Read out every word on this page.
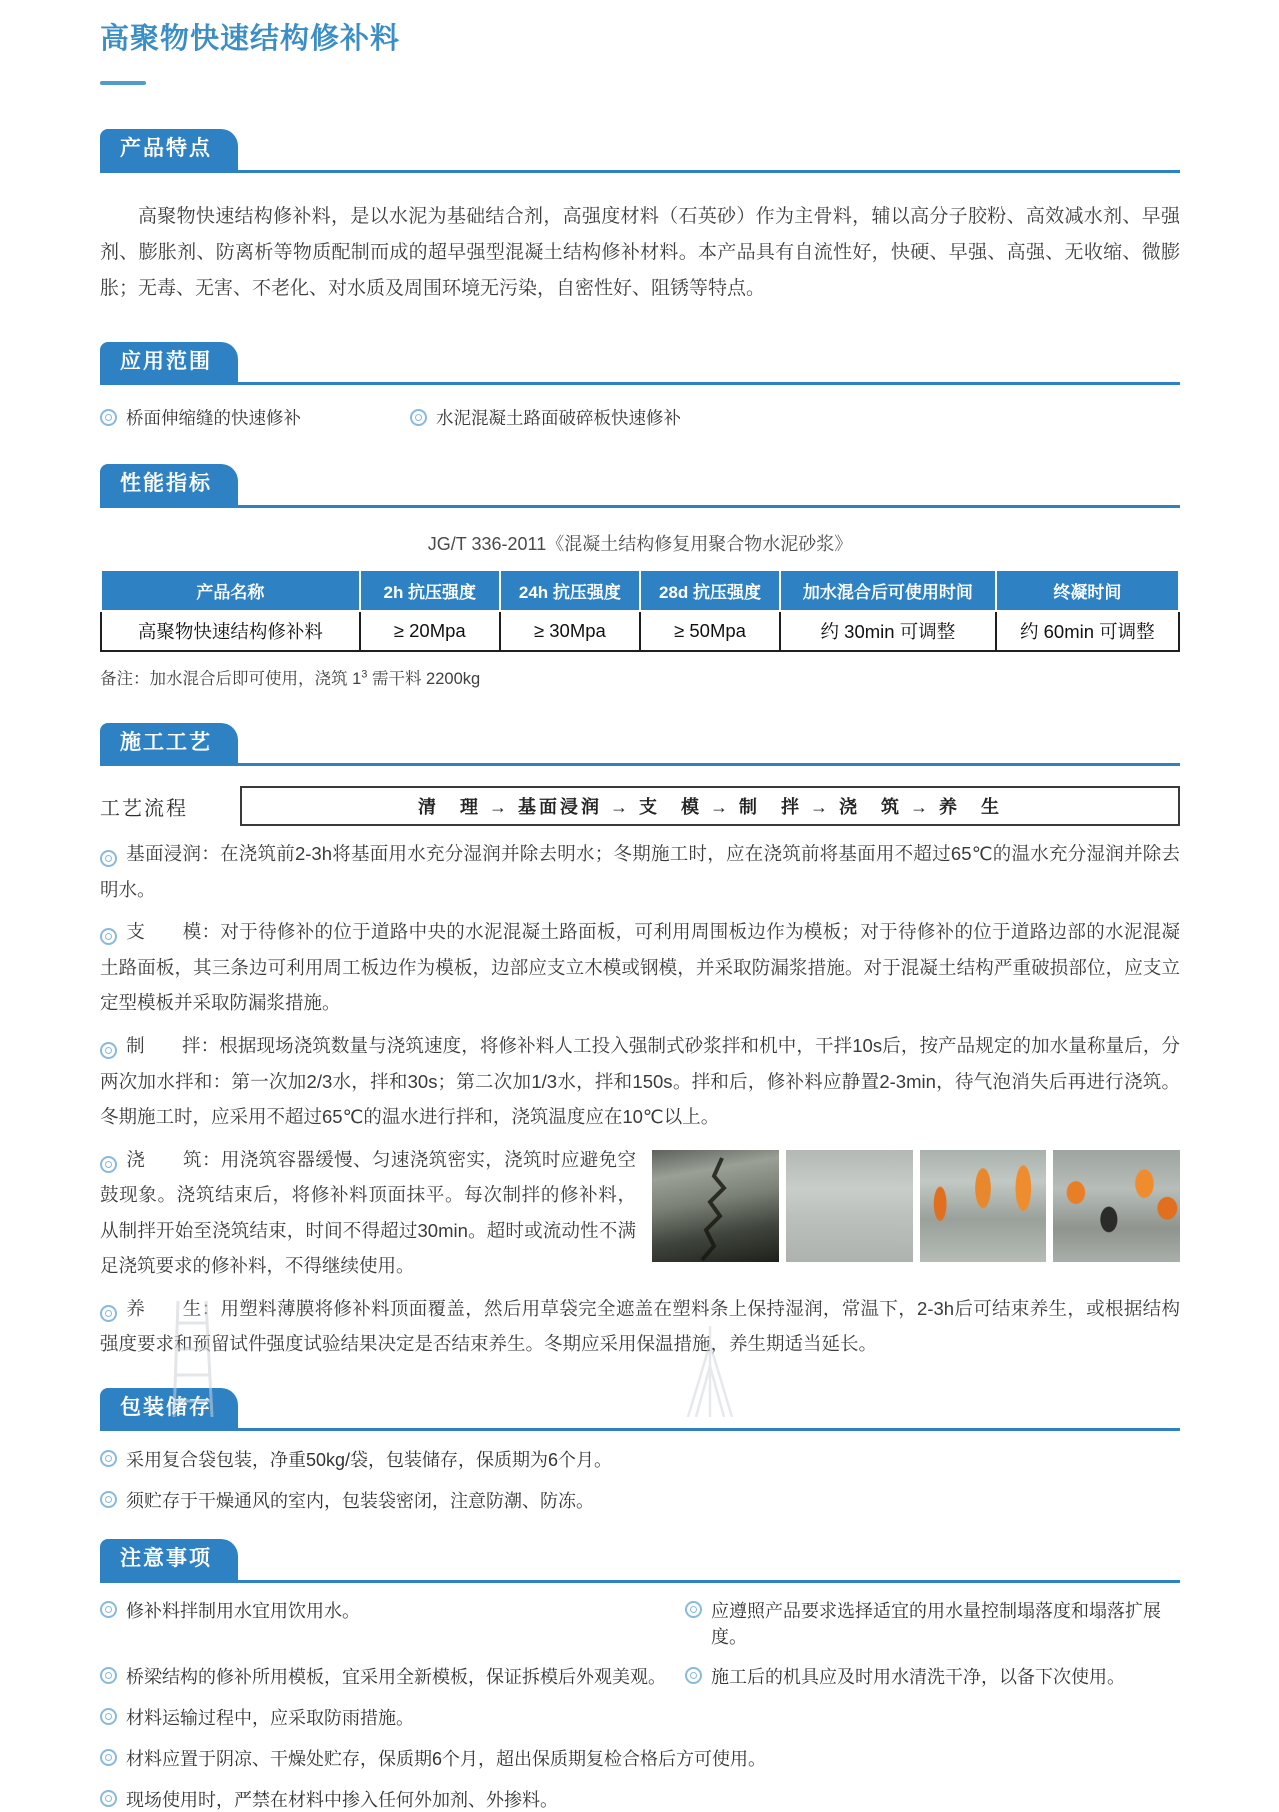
高聚物快速结构修补料
产品特点

高聚物快速结构修补料，是以水泥为基础结合剂，高强度材料（石英砂）作为主骨料，辅以高分子胶粉、高效减水剂、早强剂、膨胀剂、防离析等物质配制而成的超早强型混凝土结构修补材料。本产品具有自流性好，快硬、早强、高强、无收缩、微膨胀；无毒、无害、不老化、对水质及周围环境无污染，自密性好、阻锈等特点。

应用范围
桥面伸缩缝的快速修补	水泥混凝土路面破碎板快速修补
性能指标
JG/T 336-2011《混凝土结构修复用聚合物水泥砂浆》
产品名称	2h 抗压强度	24h 抗压强度	28d 抗压强度	加水混合后可使用时间	终凝时间
高聚物快速结构修补料	≥ 20Mpa	≥ 30Mpa	≥ 50Mpa	约 30min 可调整	约 60min 可调整
备注：加水混合后即可使用，浇筑 $1^3$ 需干料 2200kg
施工工艺
工艺流程	清　理 → 基面浸润 → 支　模 → 制　拌 → 浇　筑 → 养　生

基面浸润：在浇筑前2-3h将基面用水充分湿润并除去明水；冬期施工时，应在浇筑前将基面用不超过65℃的温水充分湿润并除去明水。

支　　模：对于待修补的位于道路中央的水泥混凝土路面板，可利用周围板边作为模板；对于待修补的位于道路边部的水泥混凝土路面板，其三条边可利用周工板边作为模板，边部应支立木模或钢模，并采取防漏浆措施。对于混凝土结构严重破损部位，应支立定型模板并采取防漏浆措施。

制　　拌：根据现场浇筑数量与浇筑速度，将修补料人工投入强制式砂浆拌和机中，干拌10s后，按产品规定的加水量称量后，分两次加水拌和：第一次加2/3水，拌和30s；第二次加1/3水，拌和150s。拌和后，修补料应静置2-3min，待气泡消失后再进行浇筑。冬期施工时，应采用不超过65℃的温水进行拌和，浇筑温度应在10℃以上。

浇　　筑：用浇筑容器缓慢、匀速浇筑密实，浇筑时应避免空鼓现象。浇筑结束后，将修补料顶面抹平。每次制拌的修补料，从制拌开始至浇筑结束，时间不得超过30min。超时或流动性不满足浇筑要求的修补料，不得继续使用。

养　　生：用塑料薄膜将修补料顶面覆盖，然后用草袋完全遮盖在塑料条上保持湿润，常温下，2-3h后可结束养生，或根据结构强度要求和预留试件强度试验结果决定是否结束养生。冬期应采用保温措施，养生期适当延长。

包装储存
采用复合袋包装，净重50kg/袋，包装储存，保质期为6个月。
须贮存于干燥通风的室内，包装袋密闭，注意防潮、防冻。
注意事项
修补料拌制用水宜用饮用水。	应遵照产品要求选择适宜的用水量控制塌落度和塌落扩展度。
桥梁结构的修补所用模板，宜采用全新模板，保证拆模后外观美观。	施工后的机具应及时用水清洗干净，以备下次使用。
材料运输过程中，应采取防雨措施。
材料应置于阴凉、干燥处贮存，保质期6个月，超出保质期复检合格后方可使用。
现场使用时，严禁在材料中掺入任何外加剂、外掺料。
